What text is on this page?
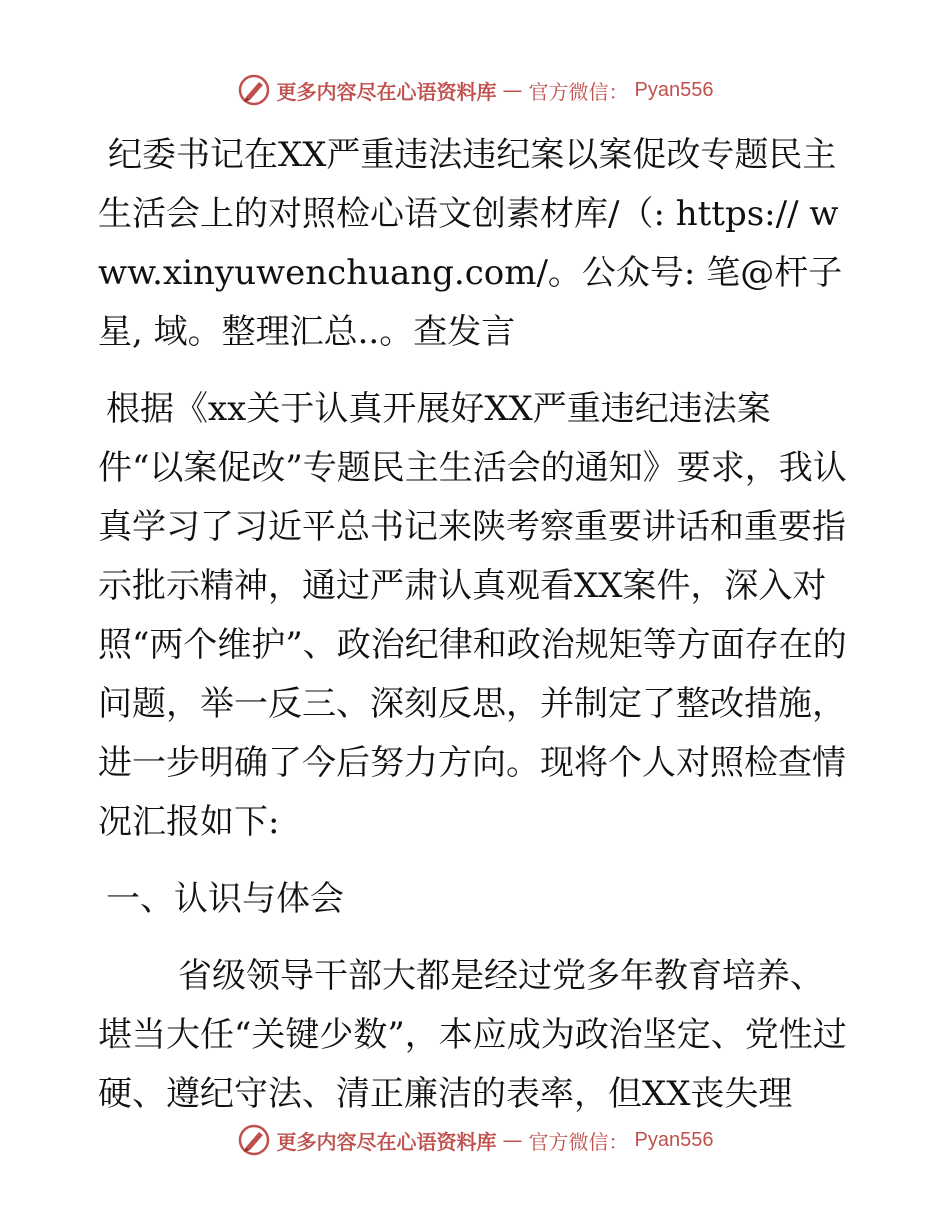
更多内容尽在心语资料库 — 官方微信： Pyan556

纪委书记在XX严重违法违纪案以案促改专题民主生活会上的对照检心语文创素材库/（: https:// www.xinyuwenchuang.com/。公众号: 笔@杆子星, 域。整理汇总..。查发言

根据《xx关于认真开展好XX严重违纪违法案件“以案促改”专题民主生活会的通知》要求，我认真学习了习近平总书记来陕考察重要讲话和重要指示批示精神，通过严肃认真观看XX案件，深入对照“两个维护”、政治纪律和政治规矩等方面存在的问题，举一反三、深刻反思，并制定了整改措施，进一步明确了今后努力方向。现将个人对照检查情况汇报如下:

一、认识与体会

省级领导干部大都是经过党多年教育培养、堪当大任“关键少数”，本应成为政治坚定、党性过硬、遵纪守法、清正廉洁的表率，但XX丧失理

更多内容尽在心语资料库 — 官方微信： Pyan556
